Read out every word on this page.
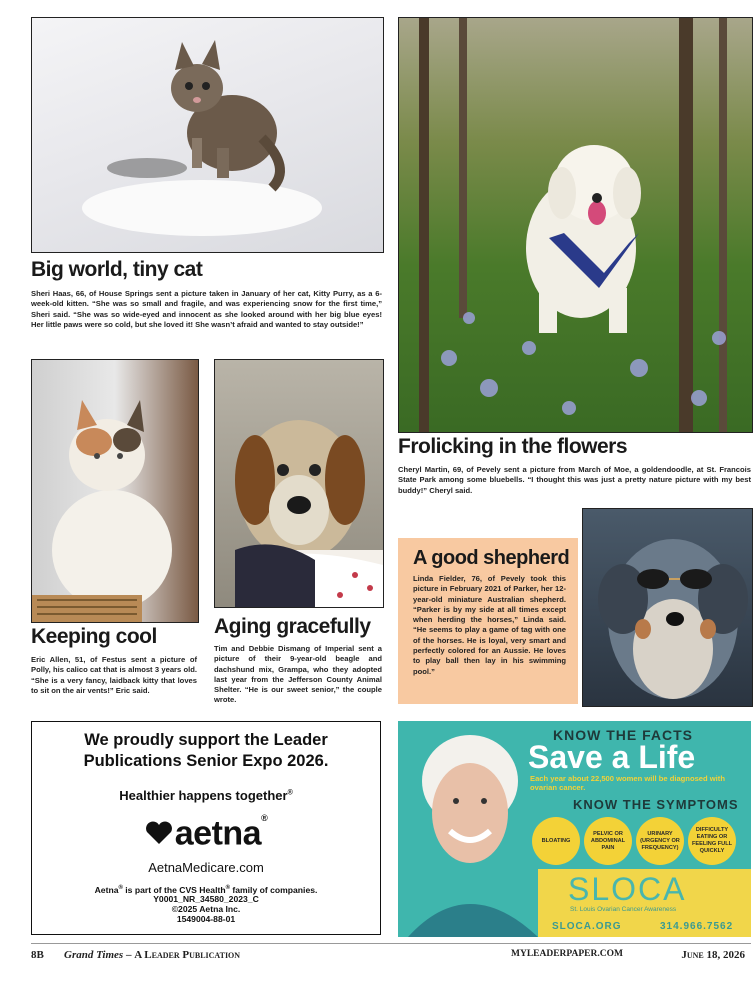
Big world, tiny cat
Sheri Haas, 66, of House Springs sent a picture taken in January of her cat, Kitty Purry, as a 6-week-old kitten. “She was so small and fragile, and was experiencing snow for the first time,” Sheri said. “She was so wide-eyed and innocent as she looked around with her big blue eyes! Her little paws were so cold, but she loved it! She wasn’t afraid and wanted to stay outside!”
Frolicking in the flowers
Cheryl Martin, 69, of Pevely sent a picture from March of Moe, a goldendoodle, at St. Francois State Park among some bluebells. “I thought this was just a pretty nature picture with my best buddy!” Cheryl said.
Keeping cool
Eric Allen, 51, of Festus sent a picture of Polly, his calico cat that is almost 3 years old. “She is a very fancy, laidback kitty that loves to sit on the air vents!” Eric said.
Aging gracefully
Tim and Debbie Dismang of Imperial sent a picture of their 9-year-old beagle and dachshund mix, Grampa, who they adopted last year from the Jefferson County Animal Shelter. “He is our sweet senior,” the couple wrote.
A good shepherd
Linda Fielder, 76, of Pevely took this picture in February 2021 of Parker, her 12-year-old miniature Australian shepherd. “Parker is by my side at all times except when herding the horses,” Linda said. “He seems to play a game of tag with one of the horses. He is loyal, very smart and perfectly colored for an Aussie. He loves to play ball then lay in his swimming pool.”
We proudly support the Leader
Publications Senior Expo 2026.
Healthier happens together®
aetna®
AetnaMedicare.com
Aetna® is part of the CVS Health® family of companies.
Y0001_NR_34580_2023_C
©2025 Aetna Inc.
1549004-88-01
KNOW THE FACTS
Save a Life
Each year about 22,500 women will be diagnosed with ovarian cancer.
KNOW THE SYMPTOMS
BLOATING
PELVIC OR ABDOMINAL PAIN
URINARY (URGENCY OR FREQUENCY)
DIFFICULTY EATING OR FEELING FULL QUICKLY
SLOCA
St. Louis Ovarian Cancer Awareness
SLOCA.ORG	314.966.7562
8B Grand Times – A Leader Publication	MYLEADERPAPER.COM	June 18, 2026
